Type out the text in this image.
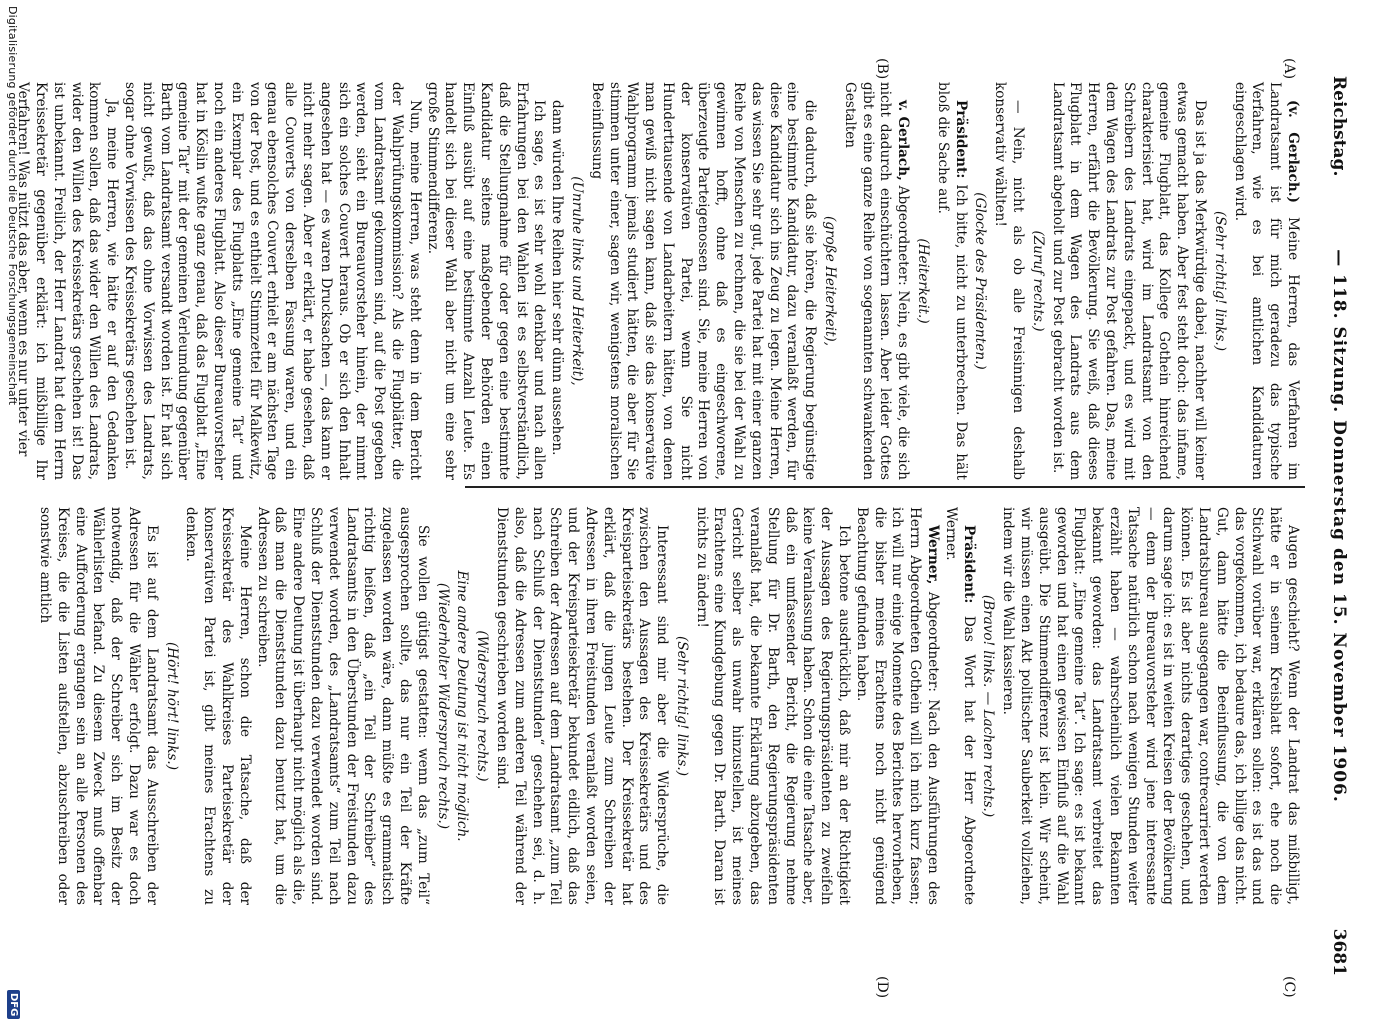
Reichstag.
— 118. Sitzung. Donnerstag den 15. November 1906.
3681
(A)
(B)
(C)
(D)

(v. Gerlach.) Meine Herren, das Verfahren im Landratsamt ist für mich geradezu das typische Verfahren, wie es bei amtlichen Kandidaturen eingeschlagen wird.

(Sehr richtig! links.)

Das ist ja das Merkwürdige dabei, nachher will keiner etwas gemacht haben. Aber fest steht doch: das infame, gemeine Flugblatt, das Kollege Gothein hinreichend charakterisiert hat, wird im Landratsamt von den Schreibern des Landrats eingepackt, und es wird mit dem Wagen des Landrats zur Post gefahren. Das, meine Herren, erfährt die Bevölkerung. Sie weiß, daß dieses Flugblatt in dem Wagen des Landrats aus dem Landratsamt abgeholt und zur Post gebracht worden ist.

(Zuruf rechts.)

— Nein, nicht als ob alle Freisinnigen deshalb konservativ wählten!

(Glocke des Präsidenten.)

Präsident: Ich bitte, nicht zu unterbrechen. Das hält bloß die Sache auf.

(Heiterkeit.)

v. Gerlach, Abgeordneter: Nein, es gibt viele, die sich nicht dadurch einschüchtern lassen. Aber leider Gottes gibt es eine ganze Reihe von sogenannten schwankenden Gestalten

(große Heiterkeit),

die dadurch, daß sie hören, die Regierung begünstige eine bestimmte Kandidatur, dazu veranlaßt werden, für diese Kandidatur sich ins Zeug zu legen. Meine Herren, das wissen Sie sehr gut, jede Partei hat mit einer ganzen Reihe von Menschen zu rechnen, die sie bei der Wahl zu gewinnen hofft, ohne daß es eingeschworene, überzeugte Parteigenossen sind. Sie, meine Herren von der konservativen Partei, wenn Sie nicht Hunderttausende von Landarbeitern hätten, von denen man gewiß nicht sagen kann, daß sie das konservative Wahlprogramm jemals studiert hätten, die aber für Sie stimmen unter einer, sagen wir, wenigstens moralischen Beeinflussung

(Unruhe links und Heiterkeit),

dann würden Ihre Reihen hier sehr dünn aussehen.

Ich sage, es ist sehr wohl denkbar und nach allen Erfahrungen bei den Wahlen ist es selbstverständlich, daß die Stellungnahme für oder gegen eine bestimmte Kandidatur seitens maßgebender Behörden einen Einfluß ausübt auf eine bestimmte Anzahl Leute. Es handelt sich bei dieser Wahl aber nicht um eine sehr große Stimmendifferenz.

Nun, meine Herren, was steht denn in dem Bericht der Wahlprüfungskommission? Als die Flugblätter, die vom Landratsamt gekommen sind, auf die Post gegeben werden, sieht ein Bureauvorsteher hinein, der nimmt sich ein solches Couvert heraus. Ob er sich den Inhalt angesehen hat — es waren Drucksachen —, das kann er nicht mehr sagen. Aber er erklärt, er habe gesehen, daß alle Couverts von derselben Fassung waren, und ein genau ebensolches Couvert erhielt er am nächsten Tage von der Post, und es enthielt Stimmzettel für Malkewitz, ein Exemplar des Flugblatts „Eine gemeine Tat“ und noch ein anderes Flugblatt. Also dieser Bureauvorsteher hat in Köslin wußte ganz genau, daß das Flugblatt „Eine gemeine Tat“ mit der gemeinen Verleumdung gegenüber Barth vom Landratsamt versandt worden ist. Er hat sich nicht gewußt, daß das ohne Vorwissen des Landrats, sogar ohne Vorwissen des Kreissekretärs geschehen ist.

Ja, meine Herren, wie hätte er auf den Gedanken kommen sollen, daß das wider den Willen des Landrats, wider den Willen des Kreissekretärs geschehen ist! Das ist unbekannt. Freilich, der Herr Landrat hat dem Herrn Kreissekretär gegenüber erklärt: ich mißbillige Ihr Verfahren! Was nützt das aber, wenn es nur unter vier

Augen geschieht? Wenn der Landrat das mißbilligt, hätte er in seinem Kreisblatt sofort, ehe noch die Stichwahl vorüber war, erklären sollen: es ist das und das vorgekommen, ich bedaure das, ich billige das nicht. Gut, dann hätte die Beeinflussung, die von dem Landratsbureau ausgegangen war, contrecarriert werden können. Es ist aber nichts derartiges geschehen, und darum sage ich: es ist in weiten Kreisen der Bevölkerung — denn der Bureauvorsteher wird jene interessante Tatsache natürlich schon nach wenigen Stunden weiter erzählt haben — wahrscheinlich vielen Bekannten bekannt geworden: das Landratsamt verbreitet das Flugblatt: „Eine gemeine Tat“. Ich sage: es ist bekannt geworden und hat einen gewissen Einfluß auf die Wahl ausgeübt. Die Stimmendifferenz ist klein. Wir scheint, wir müssen einen Akt politischer Sauberkeit vollziehen, indem wir die Wahl kassieren.

(Bravo! links. — Lachen rechts.)

Präsident: Das Wort hat der Herr Abgeordnete Werner.

Werner, Abgeordneter: Nach den Ausführungen des Herrn Abgeordneten Gothein will ich mich kurz fassen; ich will nur einige Momente des Berichtes hervorheben, die bisher meines Erachtens noch nicht genügend Beachtung gefunden haben.

Ich betone ausdrücklich, daß mir an der Richtigkeit der Aussagen des Regierungspräsidenten zu zweifeln keine Veranlassung haben. Schon die eine Tatsache aber, daß ein umfassender Bericht, die Regierung nehme Stellung für Dr. Barth, den Regierungspräsidenten veranlaßt hat, die bekannte Erklärung abzugeben, das Gericht selber als unwahr hinzustellen, ist meines Erachtens eine Kundgebung gegen Dr. Barth. Daran ist nichts zu ändern!

(Sehr richtig! links.)

Interessant sind mir aber die Widersprüche, die zwischen den Aussagen des Kreissekretärs und des Kreisparteisekretärs bestehen. Der Kreissekretär hat erklärt, daß die jungen Leute zum Schreiben der Adressen in ihren Freistunden veranlaßt worden seien, und der Kreisparteisekretär bekundet eidlich, daß das Schreiben der Adressen auf dem Landratsamt „zum Teil nach Schluß der Dienststunden“ geschehen sei, d. h. also, daß die Adressen zum anderen Teil während der Dienststunden geschrieben worden sind.

(Widerspruch rechts.)

Eine andere Deutung ist nicht möglich.

(Wiederholter Widerspruch rechts.)

Sie wollen gütigst gestatten: wenn das „zum Teil“ ausgesprochen sollte, das nur ein Teil der Kräfte zugelassen worden wäre, dann müßte es grammatisch richtig heißen, daß „ein Teil der Schreiber“ des Landratsamts in den Überstunden der Freistunden dazu verwendet worden, des „Landratsamts“ zum Teil nach Schluß der Dienststunden dazu verwendet worden sind. Eine andere Deutung ist überhaupt nicht möglich als die, daß man die Dienststunden dazu benutzt hat, um die Adressen zu schreiben.

Meine Herren, schon die Tatsache, daß der Kreissekretär des Wahlkreises Parteisekretär der konservativen Partei ist, gibt meines Erachtens zu denken.

(Hört! hört! links.)

Es ist auf dem Landratsamt das Ausschreiben der Adressen für die Wähler erfolgt. Dazu war es doch notwendig, daß der Schreiber sich im Besitz der Wählerlisten befand. Zu diesem Zweck muß offenbar eine Aufforderung ergangen sein an alle Personen des Kreises, die die Listen aufstellen, abzuschreiben oder sonstwie amtlich

Digitalisierung gefördert durch die Deutsche Forschungsgemeinschaft
DFG
